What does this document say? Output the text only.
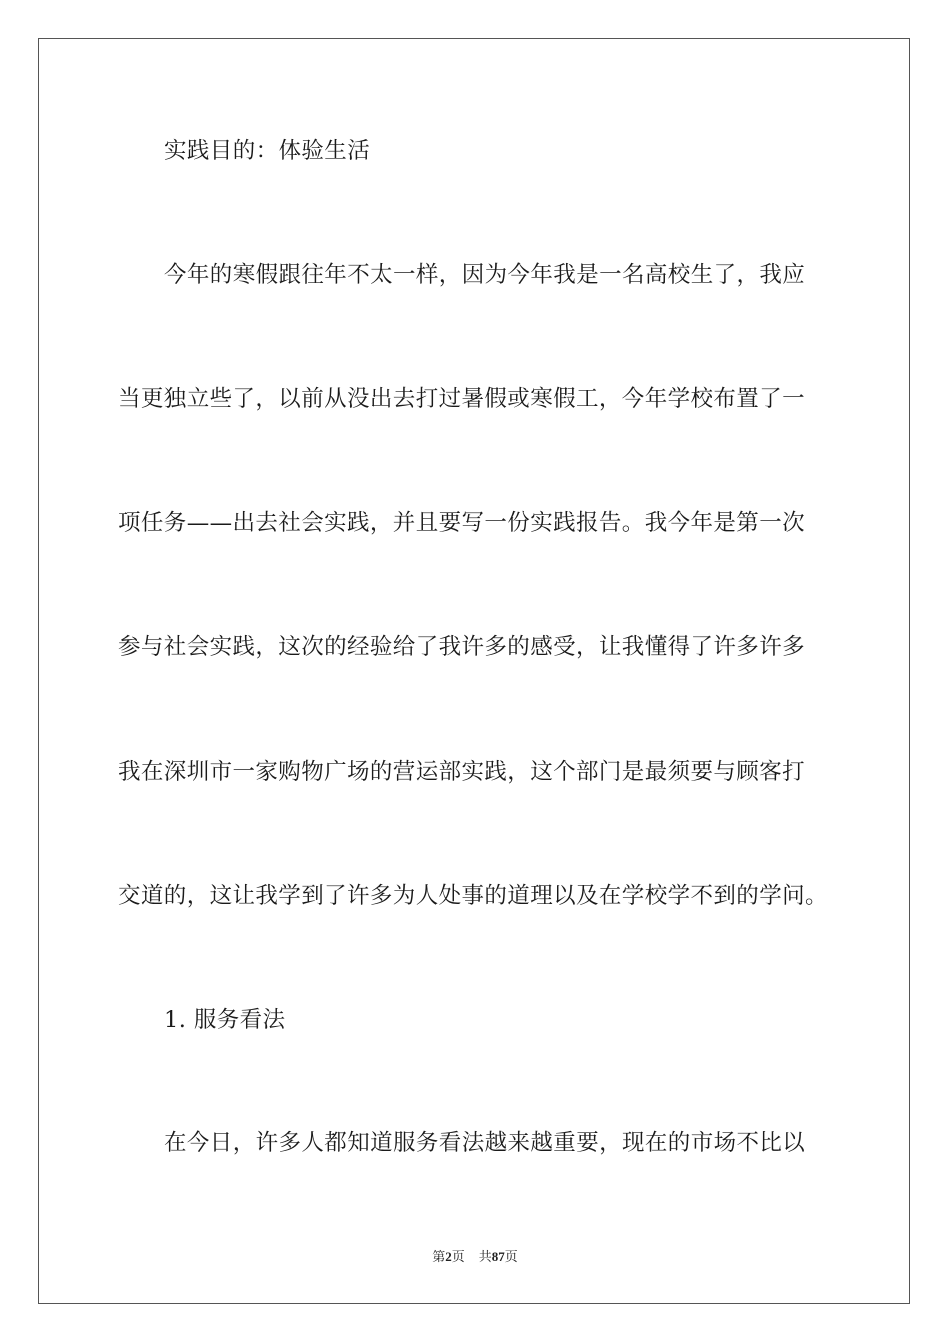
实践目的：体验生活
今年的寒假跟往年不太一样，因为今年我是一名高校生了，我应
当更独立些了，以前从没出去打过暑假或寒假工，今年学校布置了一
项任务——出去社会实践，并且要写一份实践报告。我今年是第一次
参与社会实践，这次的经验给了我许多的感受，让我懂得了许多许多
我在深圳市一家购物广场的营运部实践，这个部门是最须要与顾客打
交道的，这让我学到了许多为人处事的道理以及在学校学不到的学问。
1. 服务看法
在今日，许多人都知道服务看法越来越重要，现在的市场不比以
第2页 共87页
